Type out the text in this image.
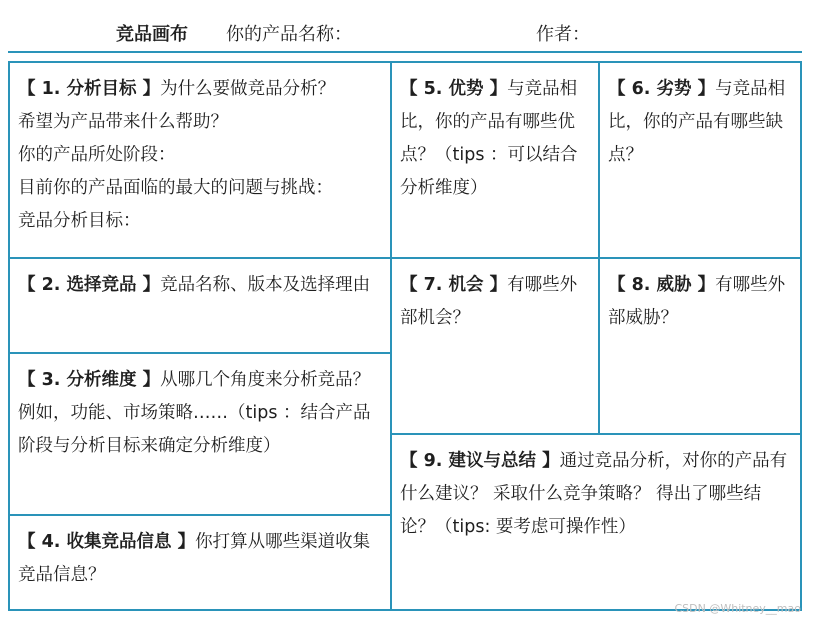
竞品画布 你的产品名称：	作者：

【 1. 分析目标 】为什么要做竞品分析？

希望为产品带来什么帮助？

你的产品所处阶段：

目前你的产品面临的最大的问题与挑战：

竞品分析目标：

【 5. 优势 】与竞品相比，你的产品有哪些优点？（tips ：可以结合分析维度）
【 6. 劣势 】与竞品相比，你的产品有哪些缺点？
【 2. 选择竞品 】竞品名称、版本及选择理由	【 7. 机会 】有哪些外部机会？
【 8. 威胁 】有哪些外部威胁？
【 3. 分析维度 】从哪几个角度来分析竞品？ 例如，功能、市场策略……（tips ：结合产品阶段与分析目标来确定分析维度）
【 9. 建议与总结 】通过竞品分析，对你的产品有什么建议？ 采取什么竞争策略？ 得出了哪些结论？（tips: 要考虑可操作性）
【 4. 收集竞品信息 】你打算从哪些渠道收集竞品信息？
CSDN @Whitney__mao
